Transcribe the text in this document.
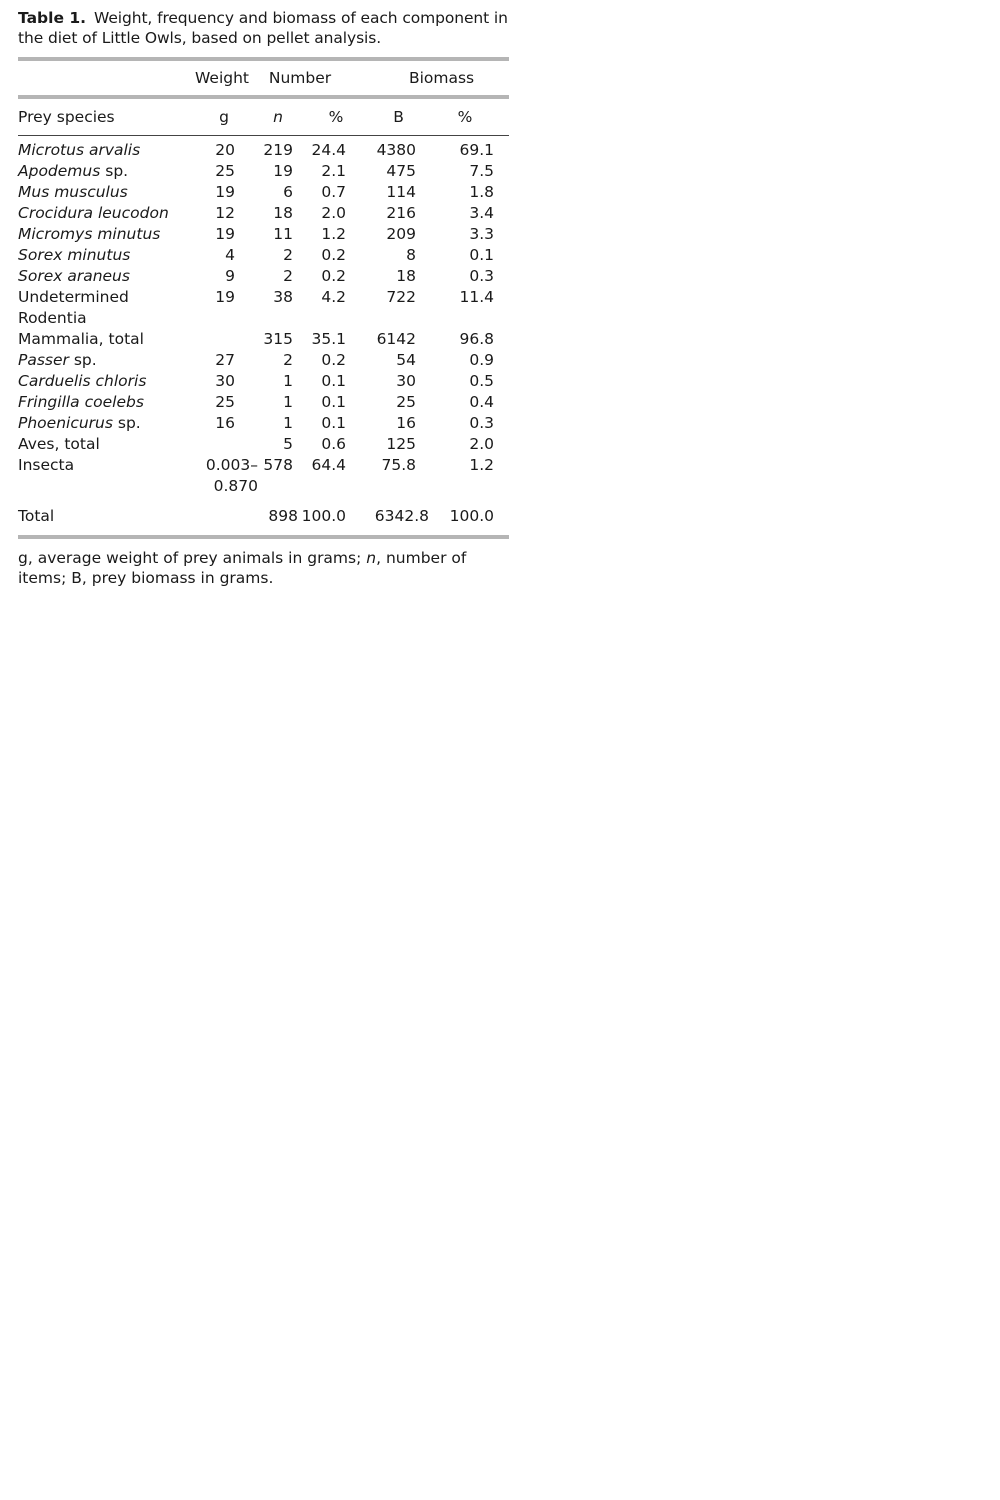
Table 1. Weight, frequency and biomass of each component in the diet of Little Owls, based on pellet analysis.

	Weight	Number		Biomass	

Prey species	g	n	%	B	%

Microtus arvalis	20	219	24.4	4380	69.1
Apodemus sp.	25	19	2.1	475	7.5
Mus musculus	19	6	0.7	114	1.8
Crocidura leucodon	12	18	2.0	216	3.4
Micromys minutus	19	11	1.2	209	3.3
Sorex minutus	4	2	0.2	8	0.1
Sorex araneus	9	2	0.2	18	0.3
Undetermined Rodentia	19	38	4.2	722	11.4
Mammalia, total		315	35.1	6142	96.8
Passer sp.	27	2	0.2	54	0.9
Carduelis chloris	30	1	0.1	30	0.5
Fringilla coelebs	25	1	0.1	25	0.4
Phoenicurus sp.	16	1	0.1	16	0.3
Aves, total		5	0.6	125	2.0
Insecta	0.003– 0.870	578	64.4	75.8	1.2
Total		898	100.0	6342.8	100.0

g, average weight of prey animals in grams; n, number of items; B, prey biomass in grams.
